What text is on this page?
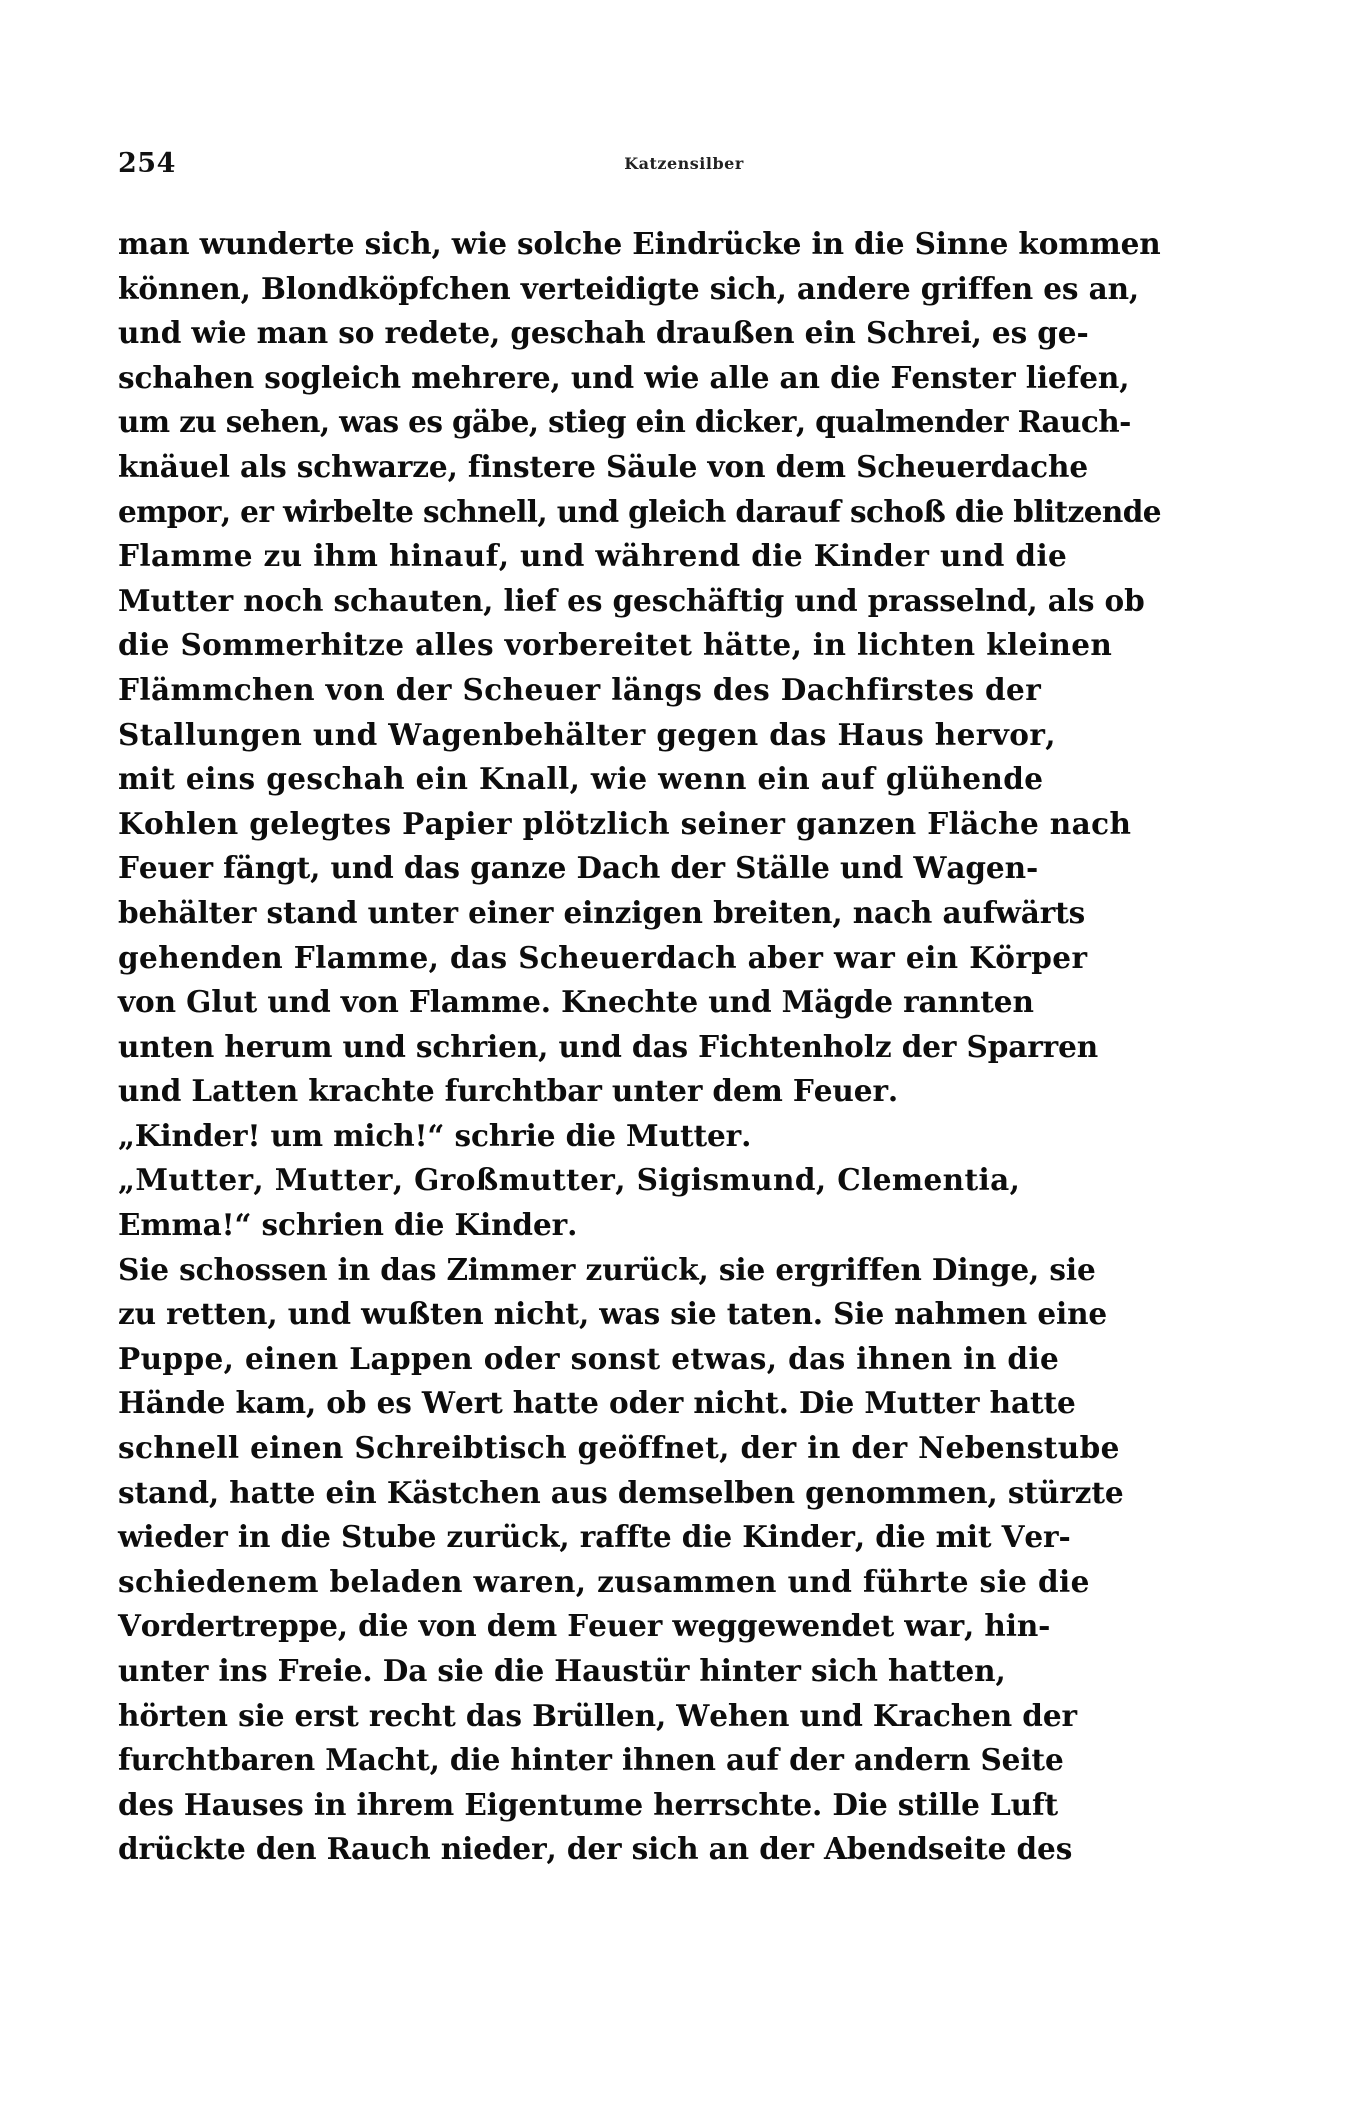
254	Katzensilber
man wunderte sich, wie solche Eindrücke in die Sinne kommen
können, Blondköpfchen verteidigte sich, andere griffen es an,
und wie man so redete, geschah draußen ein Schrei, es ge-
schahen sogleich mehrere, und wie alle an die Fenster liefen,
um zu sehen, was es gäbe, stieg ein dicker, qualmender Rauch-
knäuel als schwarze, finstere Säule von dem Scheuerdache
empor, er wirbelte schnell, und gleich darauf schoß die blitzende
Flamme zu ihm hinauf, und während die Kinder und die
Mutter noch schauten, lief es geschäftig und prasselnd, als ob
die Sommerhitze alles vorbereitet hätte, in lichten kleinen
Flämmchen von der Scheuer längs des Dachfirstes der
Stallungen und Wagenbehälter gegen das Haus hervor,
mit eins geschah ein Knall, wie wenn ein auf glühende
Kohlen gelegtes Papier plötzlich seiner ganzen Fläche nach
Feuer fängt, und das ganze Dach der Ställe und Wagen-
behälter stand unter einer einzigen breiten, nach aufwärts
gehenden Flamme, das Scheuerdach aber war ein Körper
von Glut und von Flamme. Knechte und Mägde rannten
unten herum und schrien, und das Fichtenholz der Sparren
und Latten krachte furchtbar unter dem Feuer.
„Kinder! um mich!“ schrie die Mutter.
„Mutter, Mutter, Großmutter, Sigismund, Clementia,
Emma!“ schrien die Kinder.
Sie schossen in das Zimmer zurück, sie ergriffen Dinge, sie
zu retten, und wußten nicht, was sie taten. Sie nahmen eine
Puppe, einen Lappen oder sonst etwas, das ihnen in die
Hände kam, ob es Wert hatte oder nicht. Die Mutter hatte
schnell einen Schreibtisch geöffnet, der in der Nebenstube
stand, hatte ein Kästchen aus demselben genommen, stürzte
wieder in die Stube zurück, raffte die Kinder, die mit Ver-
schiedenem beladen waren, zusammen und führte sie die
Vordertreppe, die von dem Feuer weggewendet war, hin-
unter ins Freie. Da sie die Haustür hinter sich hatten,
hörten sie erst recht das Brüllen, Wehen und Krachen der
furchtbaren Macht, die hinter ihnen auf der andern Seite
des Hauses in ihrem Eigentume herrschte. Die stille Luft
drückte den Rauch nieder, der sich an der Abendseite des
